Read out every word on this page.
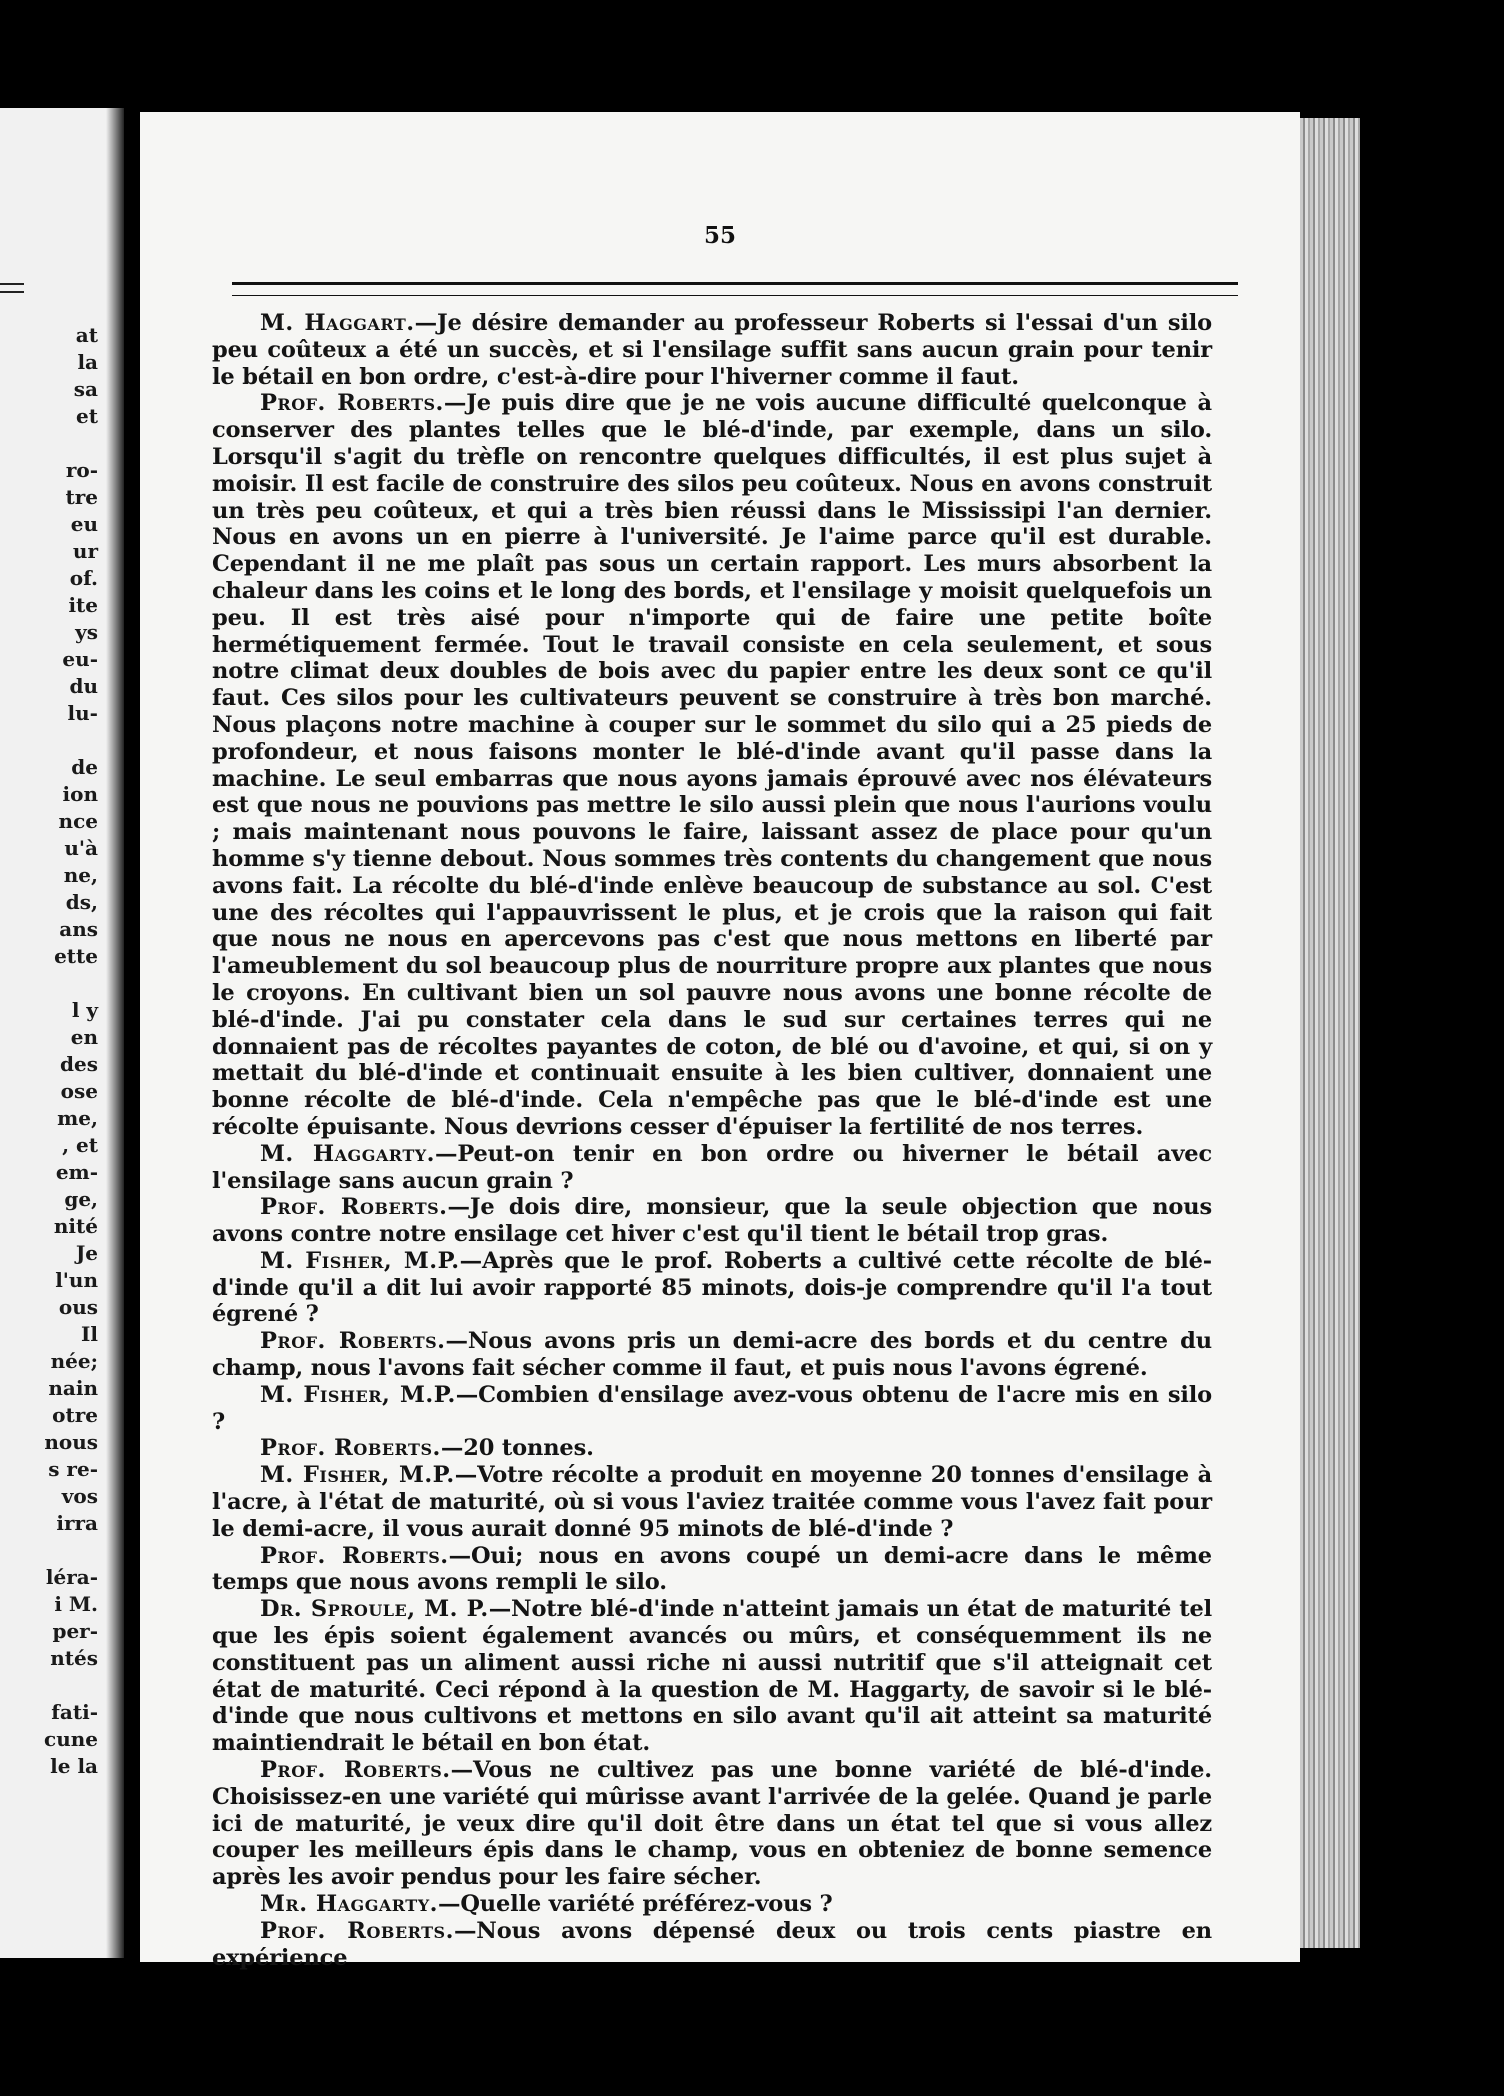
at
la
sa
et
ro-
tre
eu
ur
of.
ite
ys
eu-
du
lu-
de
ion
nce
u'à
ne,
ds,
ans
ette
l y
en
des
ose
me,
, et
em-
ge,
nité
Je
l'un
ous
Il
née;
nain
otre
nous
s re-
vos
irra
léra-
i M.
per-
ntés
fati-
cune
le la
55

M. Haggart.—Je désire demander au professeur Roberts si l'essai d'un silo peu coûteux a été un succès, et si l'ensilage suffit sans aucun grain pour tenir le bétail en bon ordre, c'est-à-dire pour l'hiverner comme il faut.

Prof. Roberts.—Je puis dire que je ne vois aucune difficulté quelconque à conserver des plantes telles que le blé-d'inde, par exemple, dans un silo. Lorsqu'il s'agit du trèfle on rencontre quelques difficultés, il est plus sujet à moisir. Il est facile de construire des silos peu coûteux. Nous en avons construit un très peu coûteux, et qui a très bien réussi dans le Mississipi l'an dernier. Nous en avons un en pierre à l'université. Je l'aime parce qu'il est durable. Cependant il ne me plaît pas sous un certain rapport. Les murs absorbent la chaleur dans les coins et le long des bords, et l'ensilage y moisit quelquefois un peu. Il est très aisé pour n'importe qui de faire une petite boîte hermétiquement fermée. Tout le travail consiste en cela seulement, et sous notre climat deux doubles de bois avec du papier entre les deux sont ce qu'il faut. Ces silos pour les cultivateurs peuvent se construire à très bon marché. Nous plaçons notre machine à couper sur le sommet du silo qui a 25 pieds de profondeur, et nous faisons monter le blé-d'inde avant qu'il passe dans la machine. Le seul embarras que nous ayons jamais éprouvé avec nos élévateurs est que nous ne pouvions pas mettre le silo aussi plein que nous l'aurions voulu ; mais maintenant nous pouvons le faire, laissant assez de place pour qu'un homme s'y tienne debout. Nous sommes très contents du changement que nous avons fait. La récolte du blé-d'inde enlève beaucoup de substance au sol. C'est une des récoltes qui l'appauvrissent le plus, et je crois que la raison qui fait que nous ne nous en apercevons pas c'est que nous mettons en liberté par l'ameublement du sol beaucoup plus de nourriture propre aux plantes que nous le croyons. En cultivant bien un sol pauvre nous avons une bonne récolte de blé-d'inde. J'ai pu constater cela dans le sud sur certaines terres qui ne donnaient pas de récoltes payantes de coton, de blé ou d'avoine, et qui, si on y mettait du blé-d'inde et continuait ensuite à les bien cultiver, donnaient une bonne récolte de blé-d'inde. Cela n'empêche pas que le blé-d'inde est une récolte épuisante. Nous devrions cesser d'épuiser la fertilité de nos terres.

M. Haggarty.—Peut-on tenir en bon ordre ou hiverner le bétail avec l'ensilage sans aucun grain ?

Prof. Roberts.—Je dois dire, monsieur, que la seule objection que nous avons contre notre ensilage cet hiver c'est qu'il tient le bétail trop gras.

M. Fisher, M.P.—Après que le prof. Roberts a cultivé cette récolte de blé-d'inde qu'il a dit lui avoir rapporté 85 minots, dois-je comprendre qu'il l'a tout égrené ?

Prof. Roberts.—Nous avons pris un demi-acre des bords et du centre du champ, nous l'avons fait sécher comme il faut, et puis nous l'avons égrené.

M. Fisher, M.P.—Combien d'ensilage avez-vous obtenu de l'acre mis en silo ?

Prof. Roberts.—20 tonnes.

M. Fisher, M.P.—Votre récolte a produit en moyenne 20 tonnes d'ensilage à l'acre, à l'état de maturité, où si vous l'aviez traitée comme vous l'avez fait pour le demi-acre, il vous aurait donné 95 minots de blé-d'inde ?

Prof. Roberts.—Oui; nous en avons coupé un demi-acre dans le même temps que nous avons rempli le silo.

Dr. Sproule, M. P.—Notre blé-d'inde n'atteint jamais un état de maturité tel que les épis soient également avancés ou mûrs, et conséquemment ils ne constituent pas un aliment aussi riche ni aussi nutritif que s'il atteignait cet état de maturité. Ceci répond à la question de M. Haggarty, de savoir si le blé-d'inde que nous cultivons et mettons en silo avant qu'il ait atteint sa maturité maintiendrait le bétail en bon état.

Prof. Roberts.—Vous ne cultivez pas une bonne variété de blé-d'inde. Choisissez-en une variété qui mûrisse avant l'arrivée de la gelée. Quand je parle ici de maturité, je veux dire qu'il doit être dans un état tel que si vous allez couper les meilleurs épis dans le champ, vous en obteniez de bonne semence après les avoir pendus pour les faire sécher.

Mr. Haggarty.—Quelle variété préférez-vous ?

Prof. Roberts.—Nous avons dépensé deux ou trois cents piastre en expérience
